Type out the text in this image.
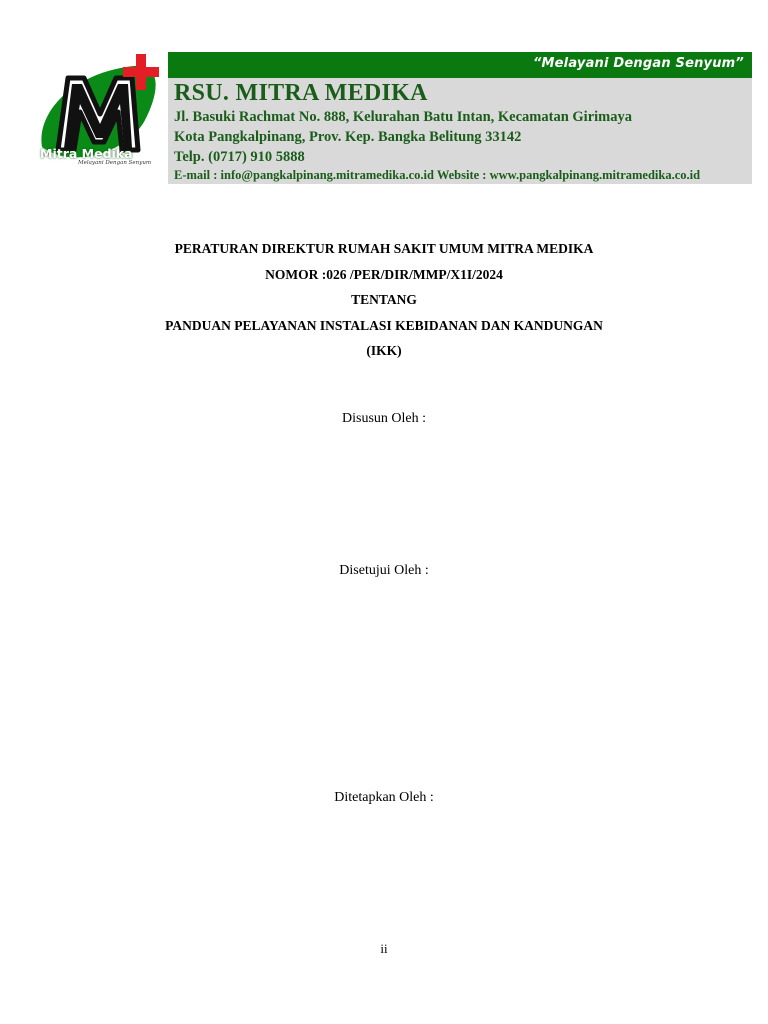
Mitra Medika
Melayani Dengan Senyum
“Melayani Dengan Senyum”
RSU. MITRA MEDIKA
Jl. Basuki Rachmat No. 888, Kelurahan Batu Intan, Kecamatan Girimaya
Kota Pangkalpinang, Prov. Kep. Bangka Belitung 33142
Telp. (0717) 910 5888
E-mail : info@pangkalpinang.mitramedika.co.id Website : www.pangkalpinang.mitramedika.co.id
PERATURAN DIREKTUR RUMAH SAKIT UMUM MITRA MEDIKA
NOMOR :026 /PER/DIR/MMP/X1I/2024
TENTANG
PANDUAN PELAYANAN INSTALASI KEBIDANAN DAN KANDUNGAN
(IKK)
Disusun Oleh :
Disetujui Oleh :
Ditetapkan Oleh :
ii
